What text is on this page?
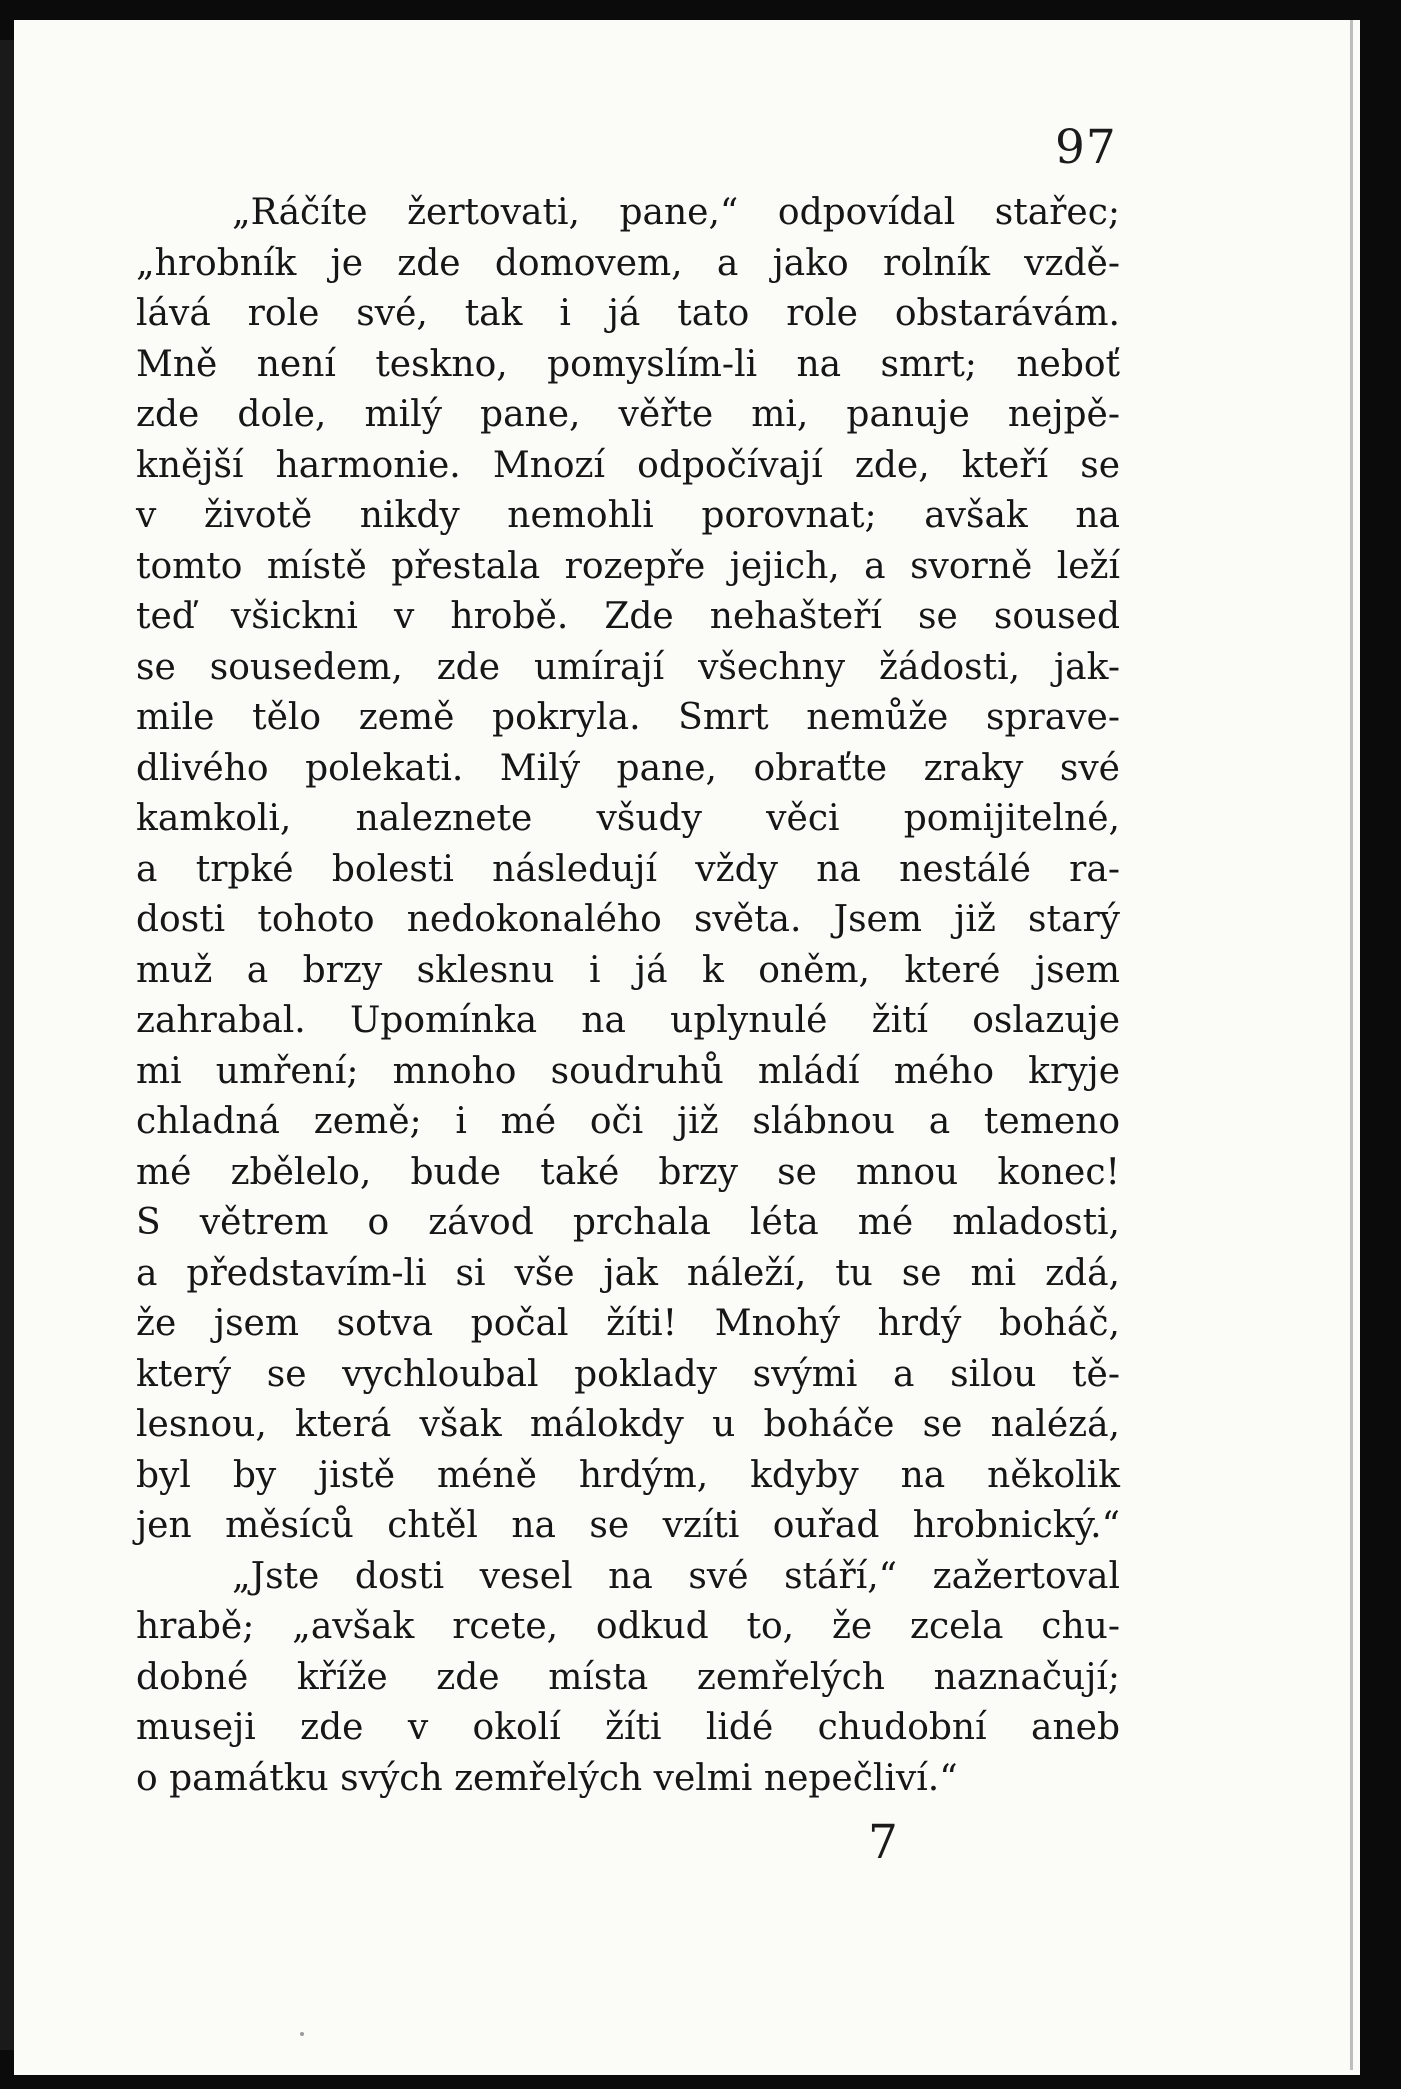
97
„Ráčíte žertovati, pane,“ odpovídal stařec;
„hrobník je zde domovem, a jako rolník vzdě-
lává role své, tak i já tato role obstarávám.
Mně není teskno, pomyslím-li na smrt; neboť
zde dole, milý pane, věřte mi, panuje nejpě-
knější harmonie. Mnozí odpočívají zde, kteří se
v životě nikdy nemohli porovnat; avšak na
tomto místě přestala rozepře jejich, a svorně leží
teď všickni v hrobě. Zde nehašteří se soused
se sousedem, zde umírají všechny žádosti, jak-
mile tělo země pokryla. Smrt nemůže sprave-
dlivého polekati. Milý pane, obraťte zraky své
kamkoli, naleznete všudy věci pomijitelné,
a trpké bolesti následují vždy na nestálé ra-
dosti tohoto nedokonalého světa. Jsem již starý
muž a brzy sklesnu i já k oněm, které jsem
zahrabal. Upomínka na uplynulé žití oslazuje
mi umření; mnoho soudruhů mládí mého kryje
chladná země; i mé oči již slábnou a temeno
mé zbělelo, bude také brzy se mnou konec!
S větrem o závod prchala léta mé mladosti,
a představím-li si vše jak náleží, tu se mi zdá,
že jsem sotva počal žíti! Mnohý hrdý boháč,
který se vychloubal poklady svými a silou tě-
lesnou, která však málokdy u boháče se nalézá,
byl by jistě méně hrdým, kdyby na několik
jen měsíců chtěl na se vzíti ouřad hrobnický.“
„Jste dosti vesel na své stáří,“ zažertoval
hrabě; „avšak rcete, odkud to, že zcela chu-
dobné kříže zde místa zemřelých naznačují;
museji zde v okolí žíti lidé chudobní aneb
o památku svých zemřelých velmi nepečliví.“
7
